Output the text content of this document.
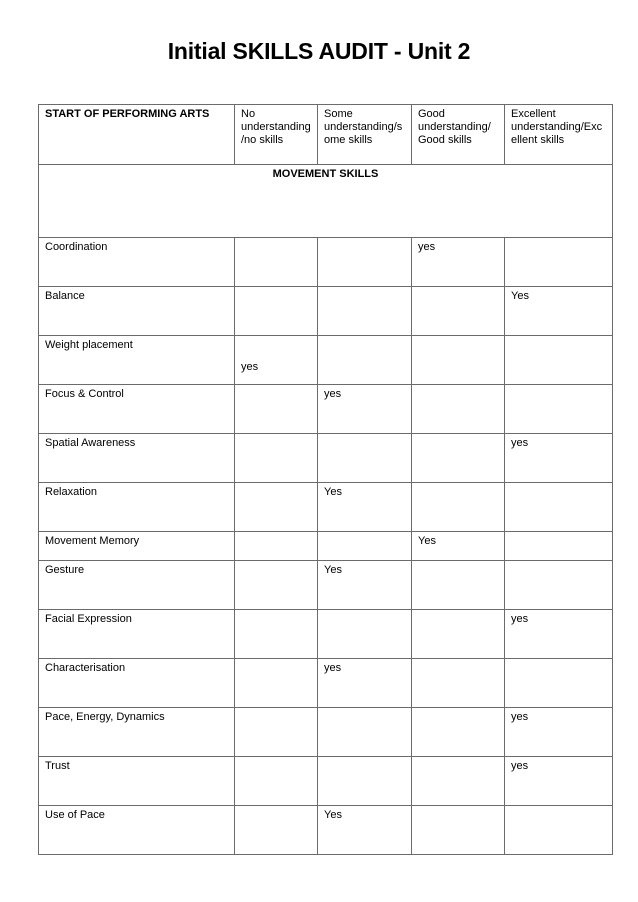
Initial SKILLS AUDIT - Unit 2
START OF PERFORMING ARTS	No understanding/no skills	Some understanding/some skills	Good understanding/Good skills	Excellent understanding/Excellent skills
MOVEMENT SKILLS				
Coordination			yes	
Balance				Yes
Weight placement	yes			
Focus & Control		yes		
Spatial Awareness				yes
Relaxation		Yes		
Movement Memory			Yes	
Gesture		Yes		
Facial Expression				yes
Characterisation		yes		
Pace, Energy, Dynamics				yes
Trust				yes
Use of Pace		Yes		
